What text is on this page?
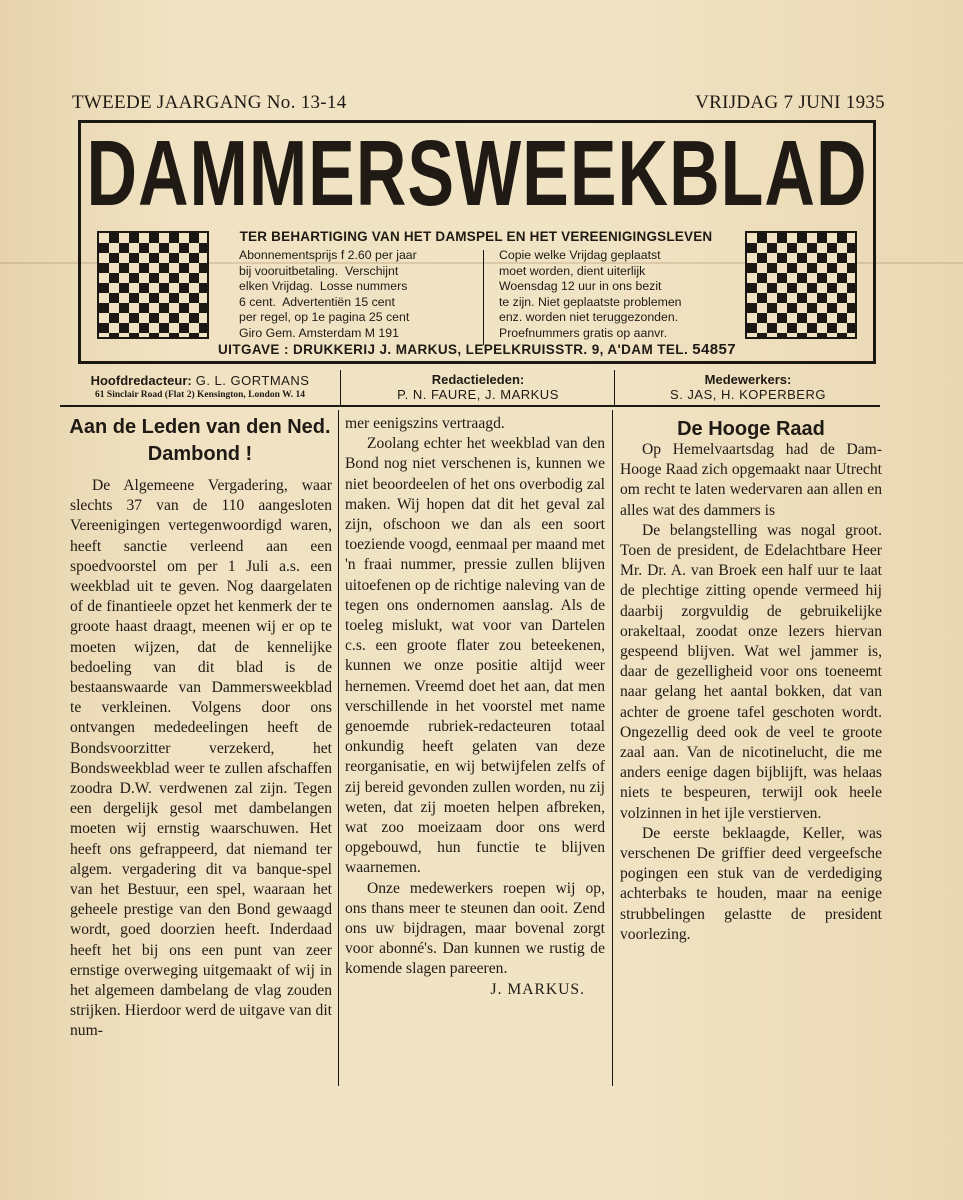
TWEEDE JAARGANG No. 13-14	VRIJDAG 7 JUNI 1935
DAMMERSWEEKBLAD
TER BEHARTIGING VAN HET DAMSPEL EN HET VEREENIGINGSLEVEN
Abonnementsprijs f 2.60 per jaar
bij vooruitbetaling.  Verschijnt
elken Vrijdag.  Losse nummers
6 cent.  Advertentiën 15 cent
per regel, op 1e pagina 25 cent
Giro Gem. Amsterdam M 191
Copie welke Vrijdag geplaatst
moet worden, dient uiterlijk
Woensdag 12 uur in ons bezit
te zijn. Niet geplaatste problemen
enz. worden niet teruggezonden.
Proefnummers gratis op aanvr.
UITGAVE : DRUKKERIJ J. MARKUS, LEPELKRUISSTR. 9, A'DAM TEL. 54857
Hoofdredacteur: G. L. GORTMANS
61 Sinclair Road (Flat 2) Kensington, London W. 14
Redactieleden:
P. N. FAURE, J. MARKUS
Medewerkers:
S. JAS, H. KOPERBERG
Aan de Leden van den Ned. Dambond !

De Algemeene Vergadering, waar slechts 37 van de 110 aangesloten Vereenigingen vertegenwoordigd waren, heeft sanctie verleend aan een spoedvoorstel om per 1 Juli a.s. een weekblad uit te geven. Nog daargelaten of de finantieele opzet het kenmerk der te groote haast draagt, meenen wij er op te moeten wijzen, dat de kennelijke bedoeling van dit blad is de bestaanswaarde van Dammersweekblad te verkleinen. Volgens door ons ontvangen mededeelingen heeft de Bondsvoorzitter verzekerd, het Bondsweekblad weer te zullen afschaffen zoodra D.W. verdwenen zal zijn. Tegen een dergelijk gesol met dambelangen moeten wij ernstig waarschuwen. Het heeft ons gefrappeerd, dat niemand ter algem. vergadering dit va banque-spel van het Bestuur, een spel, waaraan het geheele prestige van den Bond gewaagd wordt, goed doorzien heeft. Inderdaad heeft het bij ons een punt van zeer ernstige overweging uitgemaakt of wij in het algemeen dambelang de vlag zouden strijken. Hierdoor werd de uitgave van dit num-

mer eenigszins vertraagd.

Zoolang echter het weekblad van den Bond nog niet verschenen is, kunnen we niet beoordeelen of het ons overbodig zal maken. Wij hopen dat dit het geval zal zijn, ofschoon we dan als een soort toeziende voogd, eenmaal per maand met 'n fraai nummer, pressie zullen blijven uitoefenen op de richtige naleving van de tegen ons ondernomen aanslag. Als de toeleg mislukt, wat voor van Dartelen c.s. een groote flater zou beteekenen, kunnen we onze positie altijd weer hernemen. Vreemd doet het aan, dat men verschillende in het voorstel met name genoemde rubriek-redacteuren totaal onkundig heeft gelaten van deze reorganisatie, en wij betwijfelen zelfs of zij bereid gevonden zullen worden, nu zij weten, dat zij moeten helpen afbreken, wat zoo moeizaam door ons werd opgebouwd, hun functie te blijven waarnemen.

Onze medewerkers roepen wij op, ons thans meer te steunen dan ooit. Zend ons uw bijdragen, maar bovenal zorgt voor abonné's. Dan kunnen we rustig de komende slagen pareeren.

J. MARKUS.

De Hooge Raad

Op Hemelvaartsdag had de Dam-Hooge Raad zich opgemaakt naar Utrecht om recht te laten wedervaren aan allen en alles wat des dammers is

De belangstelling was nogal groot. Toen de president, de Edelachtbare Heer Mr. Dr. A. van Broek een half uur te laat de plechtige zitting opende vermeed hij daarbij zorgvuldig de gebruikelijke orakeltaal, zoodat onze lezers hiervan gespeend blijven. Wat wel jammer is, daar de gezelligheid voor ons toeneemt naar gelang het aantal bokken, dat van achter de groene tafel geschoten wordt. Ongezellig deed ook de veel te groote zaal aan. Van de nicotinelucht, die me anders eenige dagen bijblijft, was helaas niets te bespeuren, terwijl ook heele volzinnen in het ijle verstierven.

De eerste beklaagde, Keller, was verschenen De griffier deed vergeefsche pogingen een stuk van de verdediging achterbaks te houden, maar na eenige strubbelingen gelastte de president voorlezing.
